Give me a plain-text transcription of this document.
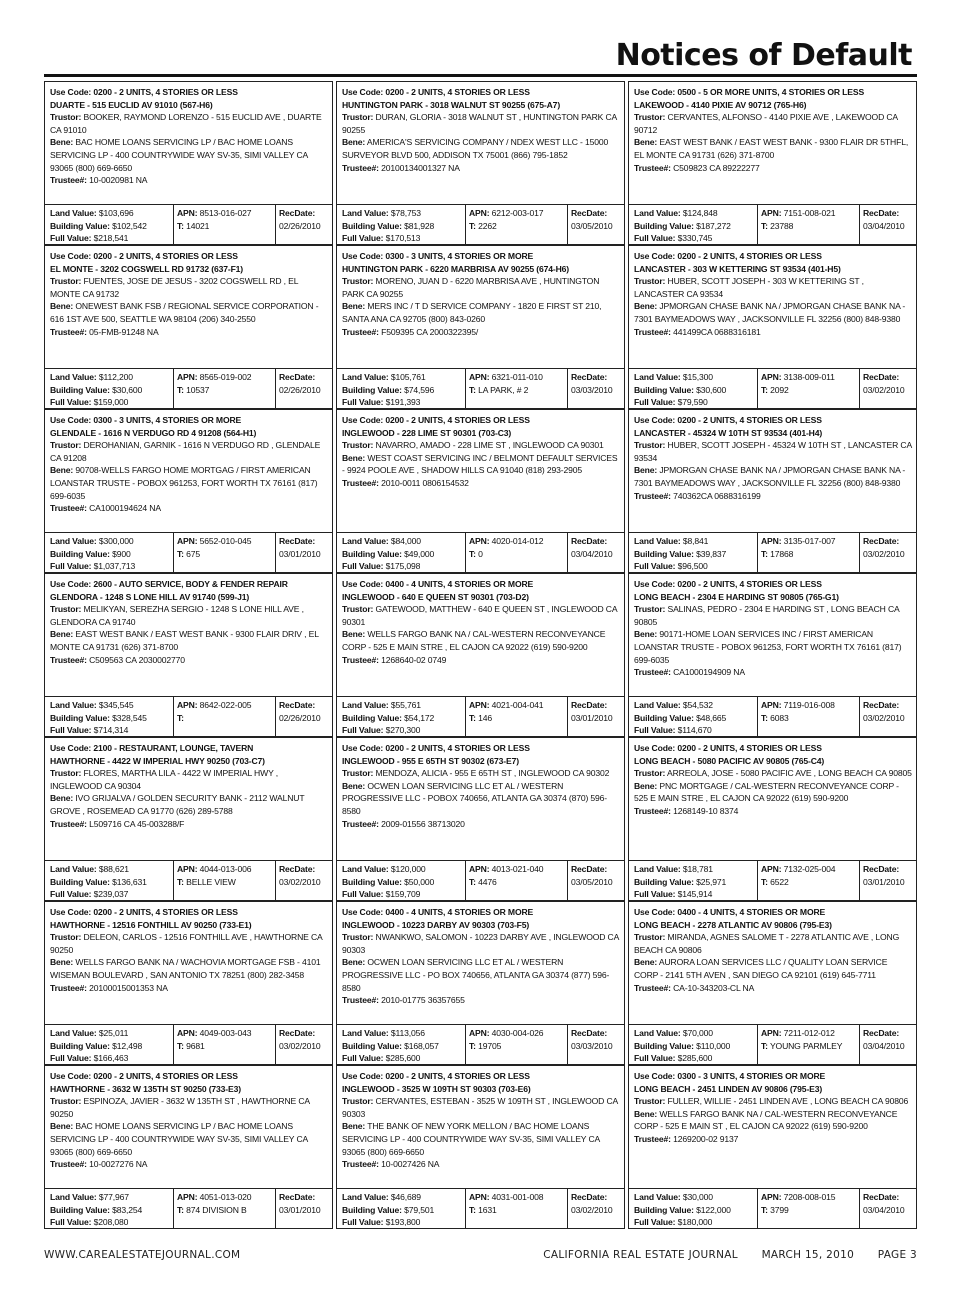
Notices of Default
Use Code: 0200 - 2 UNITS, 4 STORIES OR LESS
DUARTE - 515 EUCLID AV 91010 (567-H6)
Trustor: BOOKER, RAYMOND LORENZO - 515 EUCLID AVE , DUARTE CA 91010
Bene: BAC HOME LOANS SERVICING LP / BAC HOME LOANS SERVICING LP - 400 COUNTRYWIDE WAY SV-35, SIMI VALLEY CA 93065 (800) 669-6650
Trustee#: 10-0020981 NA
Land Value: $103,696
Building Value: $102,542
Full Value: $218,541
APN: 8513-016-027
T: 14021
RecDate:
02/26/2010
Use Code: 0200 - 2 UNITS, 4 STORIES OR LESS
HUNTINGTON PARK - 3018 WALNUT ST 90255 (675-A7)
Trustor: DURAN, GLORIA - 3018 WALNUT ST , HUNTINGTON PARK CA 90255
Bene: AMERICA'S SERVICING COMPANY / NDEX WEST LLC - 15000 SURVEYOR BLVD 500, ADDISON TX 75001 (866) 795-1852
Trustee#: 20100134001327 NA
Land Value: $78,753
Building Value: $81,928
Full Value: $170,513
APN: 6212-003-017
T: 2262
RecDate:
03/05/2010
Use Code: 0500 - 5 OR MORE UNITS, 4 STORIES OR LESS
LAKEWOOD - 4140 PIXIE AV 90712 (765-H6)
Trustor: CERVANTES, ALFONSO - 4140 PIXIE AVE , LAKEWOOD CA 90712
Bene: EAST WEST BANK / EAST WEST BANK - 9300 FLAIR DR 5THFL, EL MONTE CA 91731 (626) 371-8700
Trustee#: C509823 CA 89222277
Land Value: $124,848
Building Value: $187,272
Full Value: $330,745
APN: 7151-008-021
T: 23788
RecDate:
03/04/2010
Use Code: 0200 - 2 UNITS, 4 STORIES OR LESS
EL MONTE - 3202 COGSWELL RD 91732 (637-F1)
Trustor: FUENTES, JOSE DE JESUS - 3202 COGSWELL RD , EL MONTE CA 91732
Bene: ONEWEST BANK FSB / REGIONAL SERVICE CORPORATION - 616 1ST AVE 500, SEATTLE WA 98104 (206) 340-2550
Trustee#: 05-FMB-91248 NA
Land Value: $112,200
Building Value: $30,600
Full Value: $159,000
APN: 8565-019-002
T: 10537
RecDate:
02/26/2010
Use Code: 0300 - 3 UNITS, 4 STORIES OR MORE
HUNTINGTON PARK - 6220 MARBRISA AV 90255 (674-H6)
Trustor: MORENO, JUAN D - 6220 MARBRISA AVE , HUNTINGTON PARK CA 90255
Bene: MERS INC / T D SERVICE COMPANY - 1820 E FIRST ST 210, SANTA ANA CA 92705 (800) 843-0260
Trustee#: F509395 CA 2000322395/
Land Value: $105,761
Building Value: $74,596
Full Value: $191,393
APN: 6321-011-010
T: LA PARK, # 2
RecDate:
03/03/2010
Use Code: 0200 - 2 UNITS, 4 STORIES OR LESS
LANCASTER - 303 W KETTERING ST 93534 (401-H5)
Trustor: HUBER, SCOTT JOSEPH - 303 W KETTERING ST , LANCASTER CA 93534
Bene: JPMORGAN CHASE BANK NA / JPMORGAN CHASE BANK NA - 7301 BAYMEADOWS WAY , JACKSONVILLE FL 32256 (800) 848-9380
Trustee#: 441499CA 0688316181
Land Value: $15,300
Building Value: $30,600
Full Value: $79,590
APN: 3138-009-011
T: 2092
RecDate:
03/02/2010
Use Code: 0300 - 3 UNITS, 4 STORIES OR MORE
GLENDALE - 1616 N VERDUGO RD 4 91208 (564-H1)
Trustor: DEROHANIAN, GARNIK - 1616 N VERDUGO RD , GLENDALE CA 91208
Bene: 90708-WELLS FARGO HOME MORTGAG / FIRST AMERICAN LOANSTAR TRUSTE - POBOX 961253, FORT WORTH TX 76161 (817) 699-6035
Trustee#: CA1000194624 NA
Land Value: $300,000
Building Value: $900
Full Value: $1,037,713
APN: 5652-010-045
T: 675
RecDate:
03/01/2010
Use Code: 0200 - 2 UNITS, 4 STORIES OR LESS
INGLEWOOD - 228 LIME ST 90301 (703-C3)
Trustor: NAVARRO, AMADO - 228 LIME ST , INGLEWOOD CA 90301
Bene: WEST COAST SERVICING INC / BELMONT DEFAULT SERVICES - 9924 POOLE AVE , SHADOW HILLS CA 91040 (818) 293-2905
Trustee#: 2010-0011 0806154532
Land Value: $84,000
Building Value: $49,000
Full Value: $175,098
APN: 4020-014-012
T: 0
RecDate:
03/04/2010
Use Code: 0200 - 2 UNITS, 4 STORIES OR LESS
LANCASTER - 45324 W 10TH ST 93534 (401-H4)
Trustor: HUBER, SCOTT JOSEPH - 45324 W 10TH ST , LANCASTER CA 93534
Bene: JPMORGAN CHASE BANK NA / JPMORGAN CHASE BANK NA - 7301 BAYMEADOWS WAY , JACKSONVILLE FL 32256 (800) 848-9380
Trustee#: 740362CA 0688316199
Land Value: $8,841
Building Value: $39,837
Full Value: $96,500
APN: 3135-017-007
T: 17868
RecDate:
03/02/2010
Use Code: 2600 - AUTO SERVICE, BODY & FENDER REPAIR
GLENDORA - 1248 S LONE HILL AV 91740 (599-J1)
Trustor: MELIKYAN, SEREZHA SERGIO - 1248 S LONE HILL AVE , GLENDORA CA 91740
Bene: EAST WEST BANK / EAST WEST BANK - 9300 FLAIR DRIV , EL MONTE CA 91731 (626) 371-8700
Trustee#: C509563 CA 2030002770
Land Value: $345,545
Building Value: $328,545
Full Value: $714,314
APN: 8642-022-005
T:
RecDate:
02/26/2010
Use Code: 0400 - 4 UNITS, 4 STORIES OR MORE
INGLEWOOD - 640 E QUEEN ST 90301 (703-D2)
Trustor: GATEWOOD, MATTHEW - 640 E QUEEN ST , INGLEWOOD CA 90301
Bene: WELLS FARGO BANK NA / CAL-WESTERN RECONVEYANCE CORP - 525 E MAIN STRE , EL CAJON CA 92022 (619) 590-9200
Trustee#: 1268640-02 0749
Land Value: $55,761
Building Value: $54,172
Full Value: $270,300
APN: 4021-004-041
T: 146
RecDate:
03/01/2010
Use Code: 0200 - 2 UNITS, 4 STORIES OR LESS
LONG BEACH - 2304 E HARDING ST 90805 (765-G1)
Trustor: SALINAS, PEDRO - 2304 E HARDING ST , LONG BEACH CA 90805
Bene: 90171-HOME LOAN SERVICES INC / FIRST AMERICAN LOANSTAR TRUSTE - POBOX 961253, FORT WORTH TX 76161 (817) 699-6035
Trustee#: CA1000194909 NA
Land Value: $54,532
Building Value: $48,665
Full Value: $114,670
APN: 7119-016-008
T: 6083
RecDate:
03/02/2010
Use Code: 2100 - RESTAURANT, LOUNGE, TAVERN
HAWTHORNE - 4422 W IMPERIAL HWY 90250 (703-C7)
Trustor: FLORES, MARTHA LILA - 4422 W IMPERIAL HWY , INGLEWOOD CA 90304
Bene: IVO GRIJALVA / GOLDEN SECURITY BANK - 2112 WALNUT GROVE , ROSEMEAD CA 91770 (626) 289-5788
Trustee#: L509716 CA 45-003288/F
Land Value: $88,621
Building Value: $136,631
Full Value: $239,037
APN: 4044-013-006
T: BELLE VIEW
RecDate:
03/02/2010
Use Code: 0200 - 2 UNITS, 4 STORIES OR LESS
INGLEWOOD - 955 E 65TH ST 90302 (673-E7)
Trustor: MENDOZA, ALICIA - 955 E 65TH ST , INGLEWOOD CA 90302
Bene: OCWEN LOAN SERVICING LLC ET AL / WESTERN PROGRESSIVE LLC - POBOX 740656, ATLANTA GA 30374 (870) 596-8580
Trustee#: 2009-01556 38713020
Land Value: $120,000
Building Value: $50,000
Full Value: $159,709
APN: 4013-021-040
T: 4476
RecDate:
03/05/2010
Use Code: 0200 - 2 UNITS, 4 STORIES OR LESS
LONG BEACH - 5080 PACIFIC AV 90805 (765-C4)
Trustor: ARREOLA, JOSE - 5080 PACIFIC AVE , LONG BEACH CA 90805
Bene: PNC MORTGAGE / CAL-WESTERN RECONVEYANCE CORP - 525 E MAIN STRE , EL CAJON CA 92022 (619) 590-9200
Trustee#: 1268149-10 8374
Land Value: $18,781
Building Value: $25,971
Full Value: $145,914
APN: 7132-025-004
T: 6522
RecDate:
03/01/2010
Use Code: 0200 - 2 UNITS, 4 STORIES OR LESS
HAWTHORNE - 12516 FONTHILL AV 90250 (733-E1)
Trustor: DELEON, CARLOS - 12516 FONTHILL AVE , HAWTHORNE CA 90250
Bene: WELLS FARGO BANK NA / WACHOVIA MORTGAGE FSB - 4101 WISEMAN BOULEVARD , SAN ANTONIO TX 78251 (800) 282-3458
Trustee#: 20100015001353 NA
Land Value: $25,011
Building Value: $12,498
Full Value: $166,463
APN: 4049-003-043
T: 9681
RecDate:
03/02/2010
Use Code: 0400 - 4 UNITS, 4 STORIES OR MORE
INGLEWOOD - 10223 DARBY AV 90303 (703-F5)
Trustor: NWANKWO, SALOMON - 10223 DARBY AVE , INGLEWOOD CA 90303
Bene: OCWEN LOAN SERVICING LLC ET AL / WESTERN PROGRESSIVE LLC - PO BOX 740656, ATLANTA GA 30374 (877) 596-8580
Trustee#: 2010-01775 36357655
Land Value: $113,056
Building Value: $168,057
Full Value: $285,600
APN: 4030-004-026
T: 19705
RecDate:
03/03/2010
Use Code: 0400 - 4 UNITS, 4 STORIES OR MORE
LONG BEACH - 2278 ATLANTIC AV 90806 (795-E3)
Trustor: MIRANDA, AGNES SALOME T - 2278 ATLANTIC AVE , LONG BEACH CA 90806
Bene: AURORA LOAN SERVICES LLC / QUALITY LOAN SERVICE CORP - 2141 5TH AVEN , SAN DIEGO CA 92101 (619) 645-7711
Trustee#: CA-10-343203-CL NA
Land Value: $70,000
Building Value: $110,000
Full Value: $285,600
APN: 7211-012-012
T: YOUNG PARMLEY
RecDate:
03/04/2010
Use Code: 0200 - 2 UNITS, 4 STORIES OR LESS
HAWTHORNE - 3632 W 135TH ST 90250 (733-E3)
Trustor: ESPINOZA, JAVIER - 3632 W 135TH ST , HAWTHORNE CA 90250
Bene: BAC HOME LOANS SERVICING LP / BAC HOME LOANS SERVICING LP - 400 COUNTRYWIDE WAY SV-35, SIMI VALLEY CA 93065 (800) 669-6650
Trustee#: 10-0027276 NA
Land Value: $77,967
Building Value: $83,254
Full Value: $208,080
APN: 4051-013-020
T: 874 DIVISION B
RecDate:
03/01/2010
Use Code: 0200 - 2 UNITS, 4 STORIES OR LESS
INGLEWOOD - 3525 W 109TH ST 90303 (703-E6)
Trustor: CERVANTES, ESTEBAN - 3525 W 109TH ST , INGLEWOOD CA 90303
Bene: THE BANK OF NEW YORK MELLON / BAC HOME LOANS SERVICING LP - 400 COUNTRYWIDE WAY SV-35, SIMI VALLEY CA 93065 (800) 669-6650
Trustee#: 10-0027426 NA
Land Value: $46,689
Building Value: $79,501
Full Value: $193,800
APN: 4031-001-008
T: 1631
RecDate:
03/02/2010
Use Code: 0300 - 3 UNITS, 4 STORIES OR MORE
LONG BEACH - 2451 LINDEN AV 90806 (795-E3)
Trustor: FULLER, WILLIE - 2451 LINDEN AVE , LONG BEACH CA 90806
Bene: WELLS FARGO BANK NA / CAL-WESTERN RECONVEYANCE CORP - 525 E MAIN ST , EL CAJON CA 92022 (619) 590-9200
Trustee#: 1269200-02 9137
Land Value: $30,000
Building Value: $122,000
Full Value: $180,000
APN: 7208-008-015
T: 3799
RecDate:
03/04/2010
WWW.CAREALESTATEJOURNAL.COM	CALIFORNIA REAL ESTATE JOURNAL MARCH 15, 2010 PAGE 3
